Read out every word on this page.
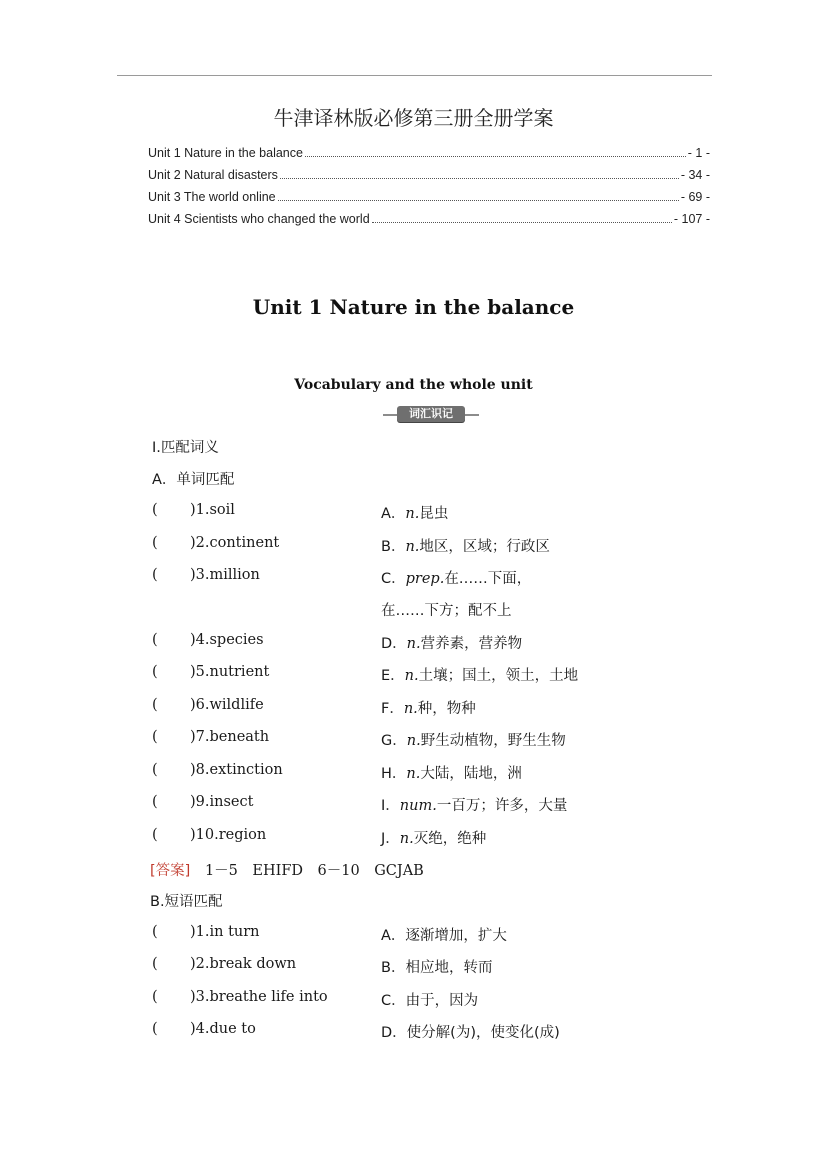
牛津译林版必修第三册全册学案
Unit 1 Nature in the balance	- 1 -
Unit 2 Natural disasters	- 34 -
Unit 3 The world online	- 69 -
Unit 4 Scientists who changed the world	- 107 -
Unit 1 Nature in the balance
Vocabulary and the whole unit
词汇识记
Ⅰ.匹配词义
A．单词匹配
( )1.soil	A．n.昆虫
( )2.continent	B．n.地区，区域；行政区
( )3.million	C．prep.在……下面，
在……下方；配不上
( )4.species	D．n.营养素，营养物
( )5.nutrient	E．n.土壤；国土，领土，土地
( )6.wildlife	F．n.种，物种
( )7.beneath	G．n.野生动植物，野生生物
( )8.extinction	H．n.大陆，陆地，洲
( )9.insect	I．num.一百万；许多，大量
( )10.region	J．n.灭绝，绝种
[答案] 1－5　EHIFD　6－10　GCJAB
B.短语匹配
( )1.in turn	A．逐渐增加，扩大
( )2.break down	B．相应地，转而
( )3.breathe life into	C．由于，因为
( )4.due to	D．使分解(为)，使变化(成)
